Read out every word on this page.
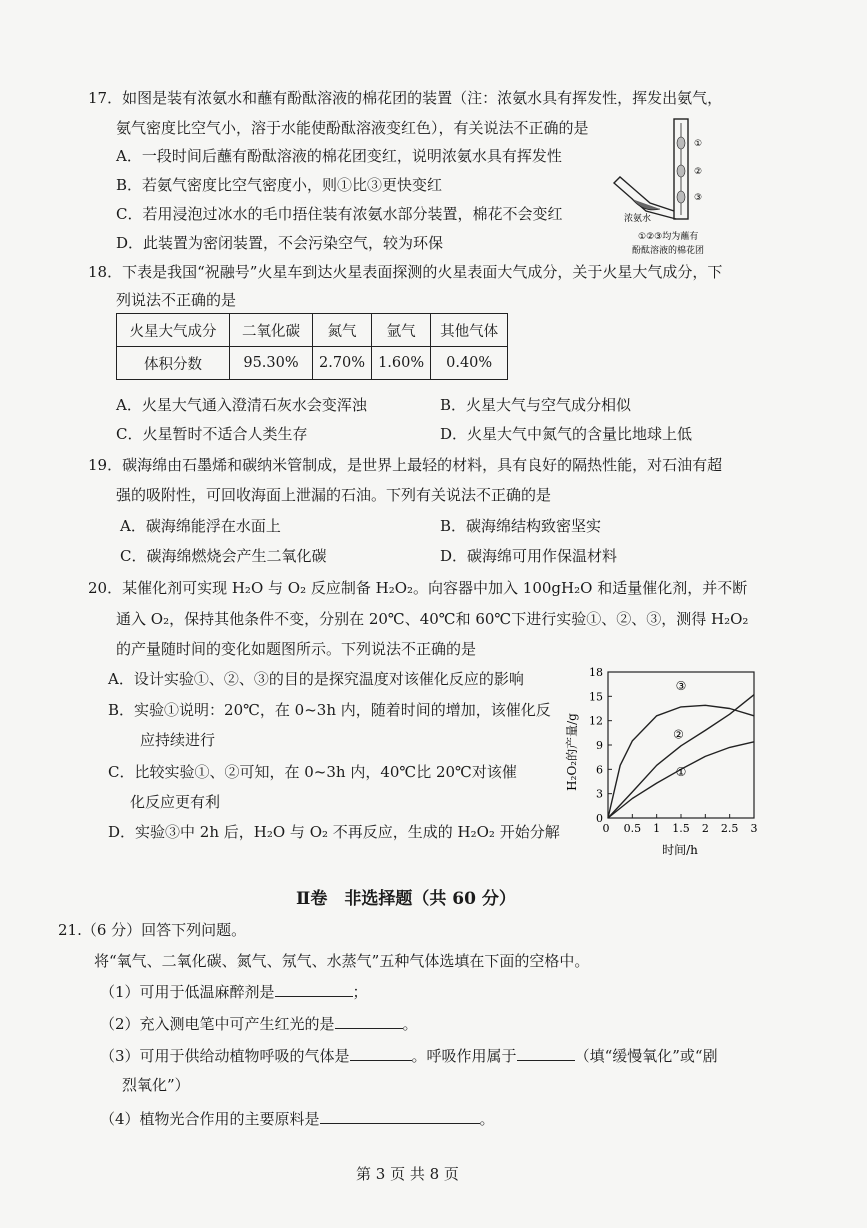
17．如图是装有浓氨水和蘸有酚酞溶液的棉花团的装置（注：浓氨水具有挥发性，挥发出氨气，
氨气密度比空气小，溶于水能使酚酞溶液变红色），有关说法不正确的是
A．一段时间后蘸有酚酞溶液的棉花团变红，说明浓氨水具有挥发性
B．若氨气密度比空气密度小，则①比③更快变红
C．若用浸泡过冰水的毛巾捂住装有浓氨水部分装置，棉花不会变红
D．此装置为密闭装置，不会污染空气，较为环保
①
②
③
浓氨水
①②③均为蘸有
酚酞溶液的棉花团
18．下表是我国“祝融号”火星车到达火星表面探测的火星表面大气成分，关于火星大气成分，下
列说法不正确的是
火星大气成分	二氧化碳	氮气	氩气	其他气体
体积分数	95.30%	2.70%	1.60%	0.40%
A．火星大气通入澄清石灰水会变浑浊	B．火星大气与空气成分相似
C．火星暂时不适合人类生存	D．火星大气中氮气的含量比地球上低
19．碳海绵由石墨烯和碳纳米管制成，是世界上最轻的材料，具有良好的隔热性能，对石油有超
强的吸附性，可回收海面上泄漏的石油。下列有关说法不正确的是
A．碳海绵能浮在水面上	B．碳海绵结构致密坚实
C．碳海绵燃烧会产生二氧化碳	D．碳海绵可用作保温材料
20．某催化剂可实现 H₂O 与 O₂ 反应制备 H₂O₂。向容器中加入 100gH₂O 和适量催化剂，并不断
通入 O₂，保持其他条件不变，分别在 20℃、40℃和 60℃下进行实验①、②、③，测得 H₂O₂
的产量随时间的变化如题图所示。下列说法不正确的是
A．设计实验①、②、③的目的是探究温度对该催化反应的影响
B．实验①说明：20℃，在 0~3h 内，随着时间的增加，该催化反
应持续进行
C．比较实验①、②可知，在 0~3h 内，40℃比 20℃对该催
化反应更有利
D．实验③中 2h 后，H₂O 与 O₂ 不再反应，生成的 H₂O₂ 开始分解
0
3
6
9
12
15
18
0 0.5 1 1.5 2 2.5 3
①
②
③
H₂O₂的产量/g
时间/h
Ⅱ卷　非选择题（共 60 分）
21.（6 分）回答下列问题。
将“氧气、二氧化碳、氮气、氖气、水蒸气”五种气体选填在下面的空格中。
（1）可用于低温麻醉剂是	；
（2）充入测电笔中可产生红光的是	。
（3）可用于供给动植物呼吸的气体是	。呼吸作用属于	（填“缓慢氧化”或“剧
烈氧化”）
（4）植物光合作用的主要原料是	。
第 3 页 共 8 页
